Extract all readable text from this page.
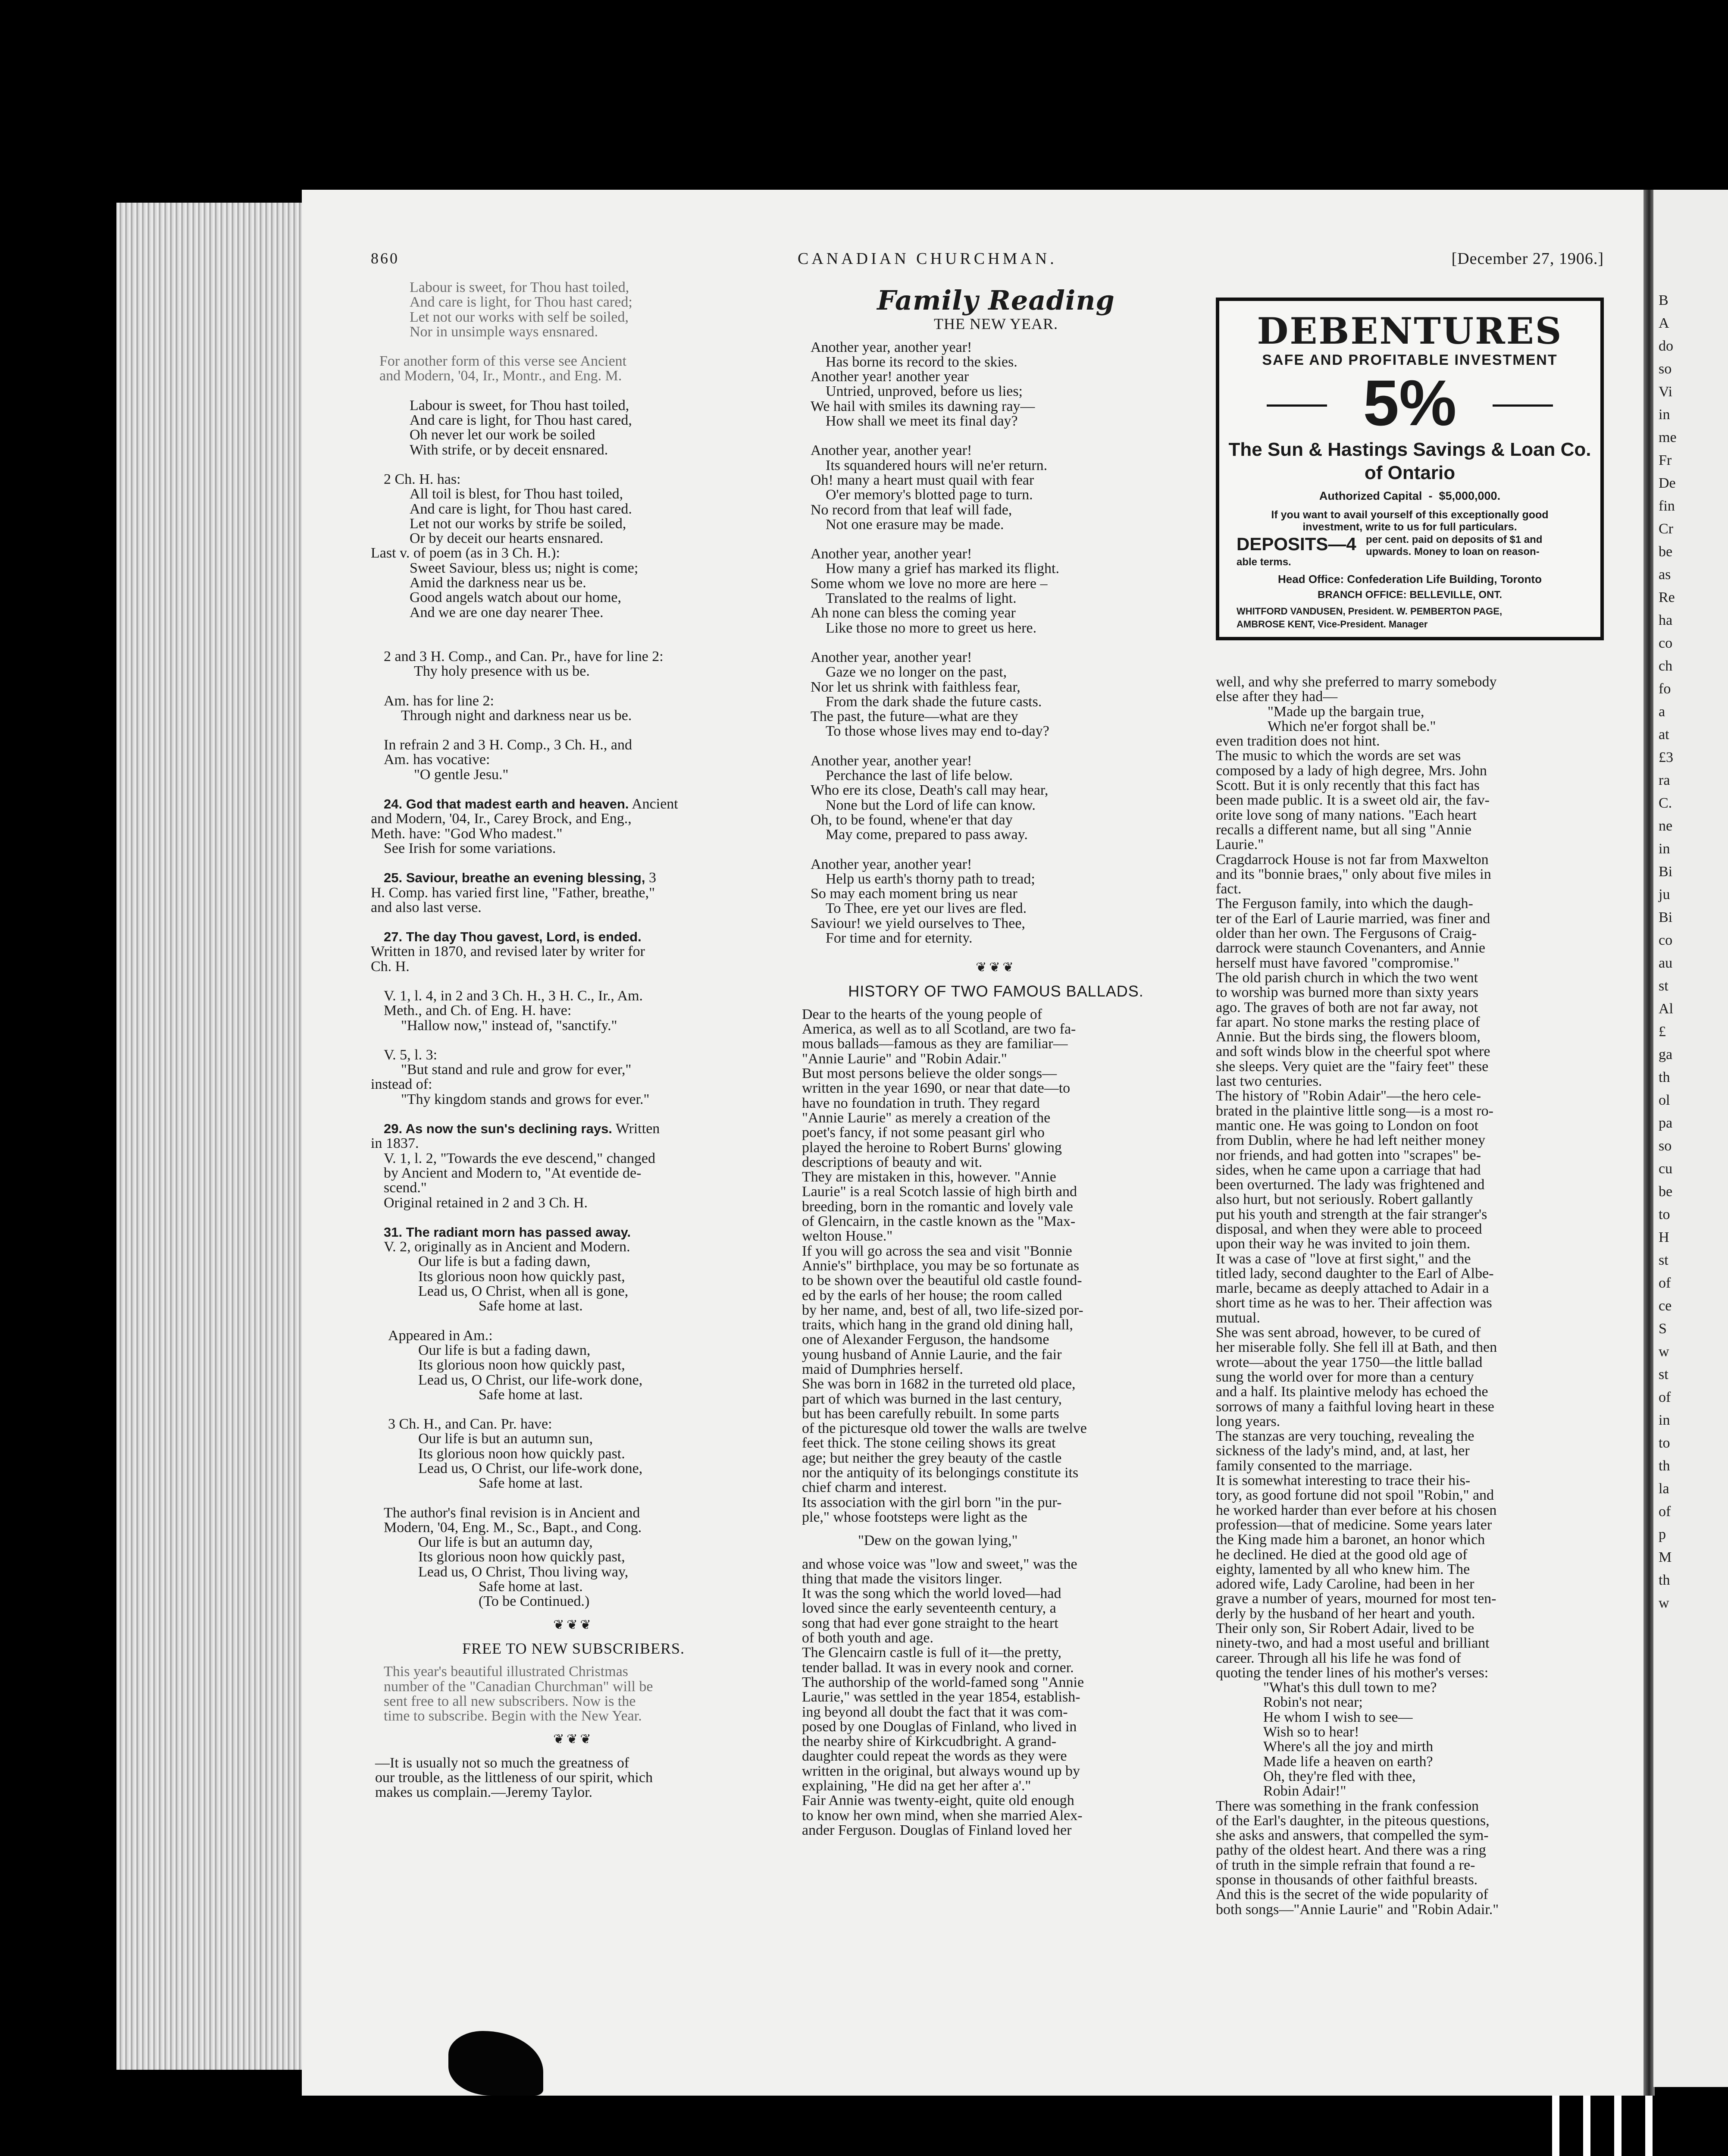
B
A
do
so
Vi
in
me
Fr
De
fin
Cr
be
as
Re
ha
co
ch
fo
a
at
£3
ra
C.
ne
in
Bi
ju
Bi
co
au
st
Al
£
ga
th
ol
pa
so
cu
be
to
H
st
of
ce
S
w
st
of
in
to
th
la
of
p
M
th
w
860	CANADIAN CHURCHMAN.	[December 27, 1906.]
Labour is sweet, for Thou hast toiled,
And care is light, for Thou hast cared;
Let not our works with self be soiled,
Nor in unsimple ways ensnared.
For another form of this verse see Ancient
and Modern, '04, Ir., Montr., and Eng. M.
Labour is sweet, for Thou hast toiled,
And care is light, for Thou hast cared,
Oh never let our work be soiled
With strife, or by deceit ensnared.
2 Ch. H. has:
All toil is blest, for Thou hast toiled,
And care is light, for Thou hast cared.
Let not our works by strife be soiled,
Or by deceit our hearts ensnared.
Last v. of poem (as in 3 Ch. H.):
Sweet Saviour, bless us; night is come;
Amid the darkness near us be.
Good angels watch about our home,
And we are one day nearer Thee.
2 and 3 H. Comp., and Can. Pr., have for line 2:
Thy holy presence with us be.
Am. has for line 2:
Through night and darkness near us be.
In refrain 2 and 3 H. Comp., 3 Ch. H., and
Am. has vocative:
"O gentle Jesu."
24. God that madest earth and heaven. Ancient
and Modern, '04, Ir., Carey Brock, and Eng.,
Meth. have: "God Who madest."
See Irish for some variations.
25. Saviour, breathe an evening blessing, 3
H. Comp. has varied first line, "Father, breathe,"
and also last verse.
27. The day Thou gavest, Lord, is ended.
Written in 1870, and revised later by writer for
Ch. H.
V. 1, l. 4, in 2 and 3 Ch. H., 3 H. C., Ir., Am.
Meth., and Ch. of Eng. H. have:
"Hallow now," instead of, "sanctify."
V. 5, l. 3:
"But stand and rule and grow for ever,"
instead of:
"Thy kingdom stands and grows for ever."
29. As now the sun's declining rays. Written
in 1837.
V. 1, l. 2, "Towards the eve descend," changed
by Ancient and Modern to, "At eventide de-
scend."
Original retained in 2 and 3 Ch. H.
31. The radiant morn has passed away.
V. 2, originally as in Ancient and Modern.
Our life is but a fading dawn,
Its glorious noon how quickly past,
Lead us, O Christ, when all is gone,
Safe home at last.
Appeared in Am.:
Our life is but a fading dawn,
Its glorious noon how quickly past,
Lead us, O Christ, our life-work done,
Safe home at last.
3 Ch. H., and Can. Pr. have:
Our life is but an autumn sun,
Its glorious noon how quickly past.
Lead us, O Christ, our life-work done,
Safe home at last.
The author's final revision is in Ancient and
Modern, '04, Eng. M., Sc., Bapt., and Cong.
Our life is but an autumn day,
Its glorious noon how quickly past,
Lead us, O Christ, Thou living way,
Safe home at last.
(To be Continued.)
❦❦❦
FREE TO NEW SUBSCRIBERS.
This year's beautiful illustrated Christmas
number of the "Canadian Churchman" will be
sent free to all new subscribers. Now is the
time to subscribe. Begin with the New Year.
❦❦❦
—It is usually not so much the greatness of
our trouble, as the littleness of our spirit, which
makes us complain.—Jeremy Taylor.
Family Reading
THE NEW YEAR.
Another year, another year!
Has borne its record to the skies.
Another year! another year
Untried, unproved, before us lies;
We hail with smiles its dawning ray—
How shall we meet its final day?
Another year, another year!
Its squandered hours will ne'er return.
Oh! many a heart must quail with fear
O'er memory's blotted page to turn.
No record from that leaf will fade,
Not one erasure may be made.
Another year, another year!
How many a grief has marked its flight.
Some whom we love no more are here –
Translated to the realms of light.
Ah none can bless the coming year
Like those no more to greet us here.
Another year, another year!
Gaze we no longer on the past,
Nor let us shrink with faithless fear,
From the dark shade the future casts.
The past, the future—what are they
To those whose lives may end to-day?
Another year, another year!
Perchance the last of life below.
Who ere its close, Death's call may hear,
None but the Lord of life can know.
Oh, to be found, whene'er that day
May come, prepared to pass away.
Another year, another year!
Help us earth's thorny path to tread;
So may each moment bring us near
To Thee, ere yet our lives are fled.
Saviour! we yield ourselves to Thee,
For time and for eternity.
❦❦❦
HISTORY OF TWO FAMOUS BALLADS.
Dear to the hearts of the young people of
America, as well as to all Scotland, are two fa-
mous ballads—famous as they are familiar—
"Annie Laurie" and "Robin Adair."
But most persons believe the older songs—
written in the year 1690, or near that date—to
have no foundation in truth. They regard
"Annie Laurie" as merely a creation of the
poet's fancy, if not some peasant girl who
played the heroine to Robert Burns' glowing
descriptions of beauty and wit.
They are mistaken in this, however. "Annie
Laurie" is a real Scotch lassie of high birth and
breeding, born in the romantic and lovely vale
of Glencairn, in the castle known as the "Max-
welton House."
If you will go across the sea and visit "Bonnie
Annie's" birthplace, you may be so fortunate as
to be shown over the beautiful old castle found-
ed by the earls of her house; the room called
by her name, and, best of all, two life-sized por-
traits, which hang in the grand old dining hall,
one of Alexander Ferguson, the handsome
young husband of Annie Laurie, and the fair
maid of Dumphries herself.
She was born in 1682 in the turreted old place,
part of which was burned in the last century,
but has been carefully rebuilt. In some parts
of the picturesque old tower the walls are twelve
feet thick. The stone ceiling shows its great
age; but neither the grey beauty of the castle
nor the antiquity of its belongings constitute its
chief charm and interest.
Its association with the girl born "in the pur-
ple," whose footsteps were light as the
"Dew on the gowan lying,"
and whose voice was "low and sweet," was the
thing that made the visitors linger.
It was the song which the world loved—had
loved since the early seventeenth century, a
song that had ever gone straight to the heart
of both youth and age.
The Glencairn castle is full of it—the pretty,
tender ballad. It was in every nook and corner.
The authorship of the world-famed song "Annie
Laurie," was settled in the year 1854, establish-
ing beyond all doubt the fact that it was com-
posed by one Douglas of Finland, who lived in
the nearby shire of Kirkcudbright. A grand-
daughter could repeat the words as they were
written in the original, but always wound up by
explaining, "He did na get her after a'."
Fair Annie was twenty-eight, quite old enough
to know her own mind, when she married Alex-
ander Ferguson. Douglas of Finland loved her
DEBENTURES
SAFE AND PROFITABLE INVESTMENT
5%
The Sun & Hastings Savings & Loan Co.
of Ontario
Authorized Capital  -  $5,000,000.
If you want to avail yourself of this exceptionally good
investment, write to us for full particulars.
DEPOSITS—4 per cent. paid on deposits of $1 and
upwards. Money to loan on reason-
able terms.
Head Office: Confederation Life Building, Toronto
BRANCH OFFICE: BELLEVILLE, ONT.
WHITFORD VANDUSEN, President. W. PEMBERTON PAGE,
AMBROSE KENT, Vice-President. Manager
well, and why she preferred to marry somebody
else after they had—
"Made up the bargain true,
Which ne'er forgot shall be."
even tradition does not hint.
The music to which the words are set was
composed by a lady of high degree, Mrs. John
Scott. But it is only recently that this fact has
been made public. It is a sweet old air, the fav-
orite love song of many nations. "Each heart
recalls a different name, but all sing "Annie
Laurie."
Cragdarrock House is not far from Maxwelton
and its "bonnie braes," only about five miles in
fact.
The Ferguson family, into which the daugh-
ter of the Earl of Laurie married, was finer and
older than her own. The Fergusons of Craig-
darrock were staunch Covenanters, and Annie
herself must have favored "compromise."
The old parish church in which the two went
to worship was burned more than sixty years
ago. The graves of both are not far away, not
far apart. No stone marks the resting place of
Annie. But the birds sing, the flowers bloom,
and soft winds blow in the cheerful spot where
she sleeps. Very quiet are the "fairy feet" these
last two centuries.
The history of "Robin Adair"—the hero cele-
brated in the plaintive little song—is a most ro-
mantic one. He was going to London on foot
from Dublin, where he had left neither money
nor friends, and had gotten into "scrapes" be-
sides, when he came upon a carriage that had
been overturned. The lady was frightened and
also hurt, but not seriously. Robert gallantly
put his youth and strength at the fair stranger's
disposal, and when they were able to proceed
upon their way he was invited to join them.
It was a case of "love at first sight," and the
titled lady, second daughter to the Earl of Albe-
marle, became as deeply attached to Adair in a
short time as he was to her. Their affection was
mutual.
She was sent abroad, however, to be cured of
her miserable folly. She fell ill at Bath, and then
wrote—about the year 1750—the little ballad
sung the world over for more than a century
and a half. Its plaintive melody has echoed the
sorrows of many a faithful loving heart in these
long years.
The stanzas are very touching, revealing the
sickness of the lady's mind, and, at last, her
family consented to the marriage.
It is somewhat interesting to trace their his-
tory, as good fortune did not spoil "Robin," and
he worked harder than ever before at his chosen
profession—that of medicine. Some years later
the King made him a baronet, an honor which
he declined. He died at the good old age of
eighty, lamented by all who knew him. The
adored wife, Lady Caroline, had been in her
grave a number of years, mourned for most ten-
derly by the husband of her heart and youth.
Their only son, Sir Robert Adair, lived to be
ninety-two, and had a most useful and brilliant
career. Through all his life he was fond of
quoting the tender lines of his mother's verses:
"What's this dull town to me?
Robin's not near;
He whom I wish to see—
Wish so to hear!
Where's all the joy and mirth
Made life a heaven on earth?
Oh, they're fled with thee,
Robin Adair!"
There was something in the frank confession
of the Earl's daughter, in the piteous questions,
she asks and answers, that compelled the sym-
pathy of the oldest heart. And there was a ring
of truth in the simple refrain that found a re-
sponse in thousands of other faithful breasts.
And this is the secret of the wide popularity of
both songs—"Annie Laurie" and "Robin Adair."
